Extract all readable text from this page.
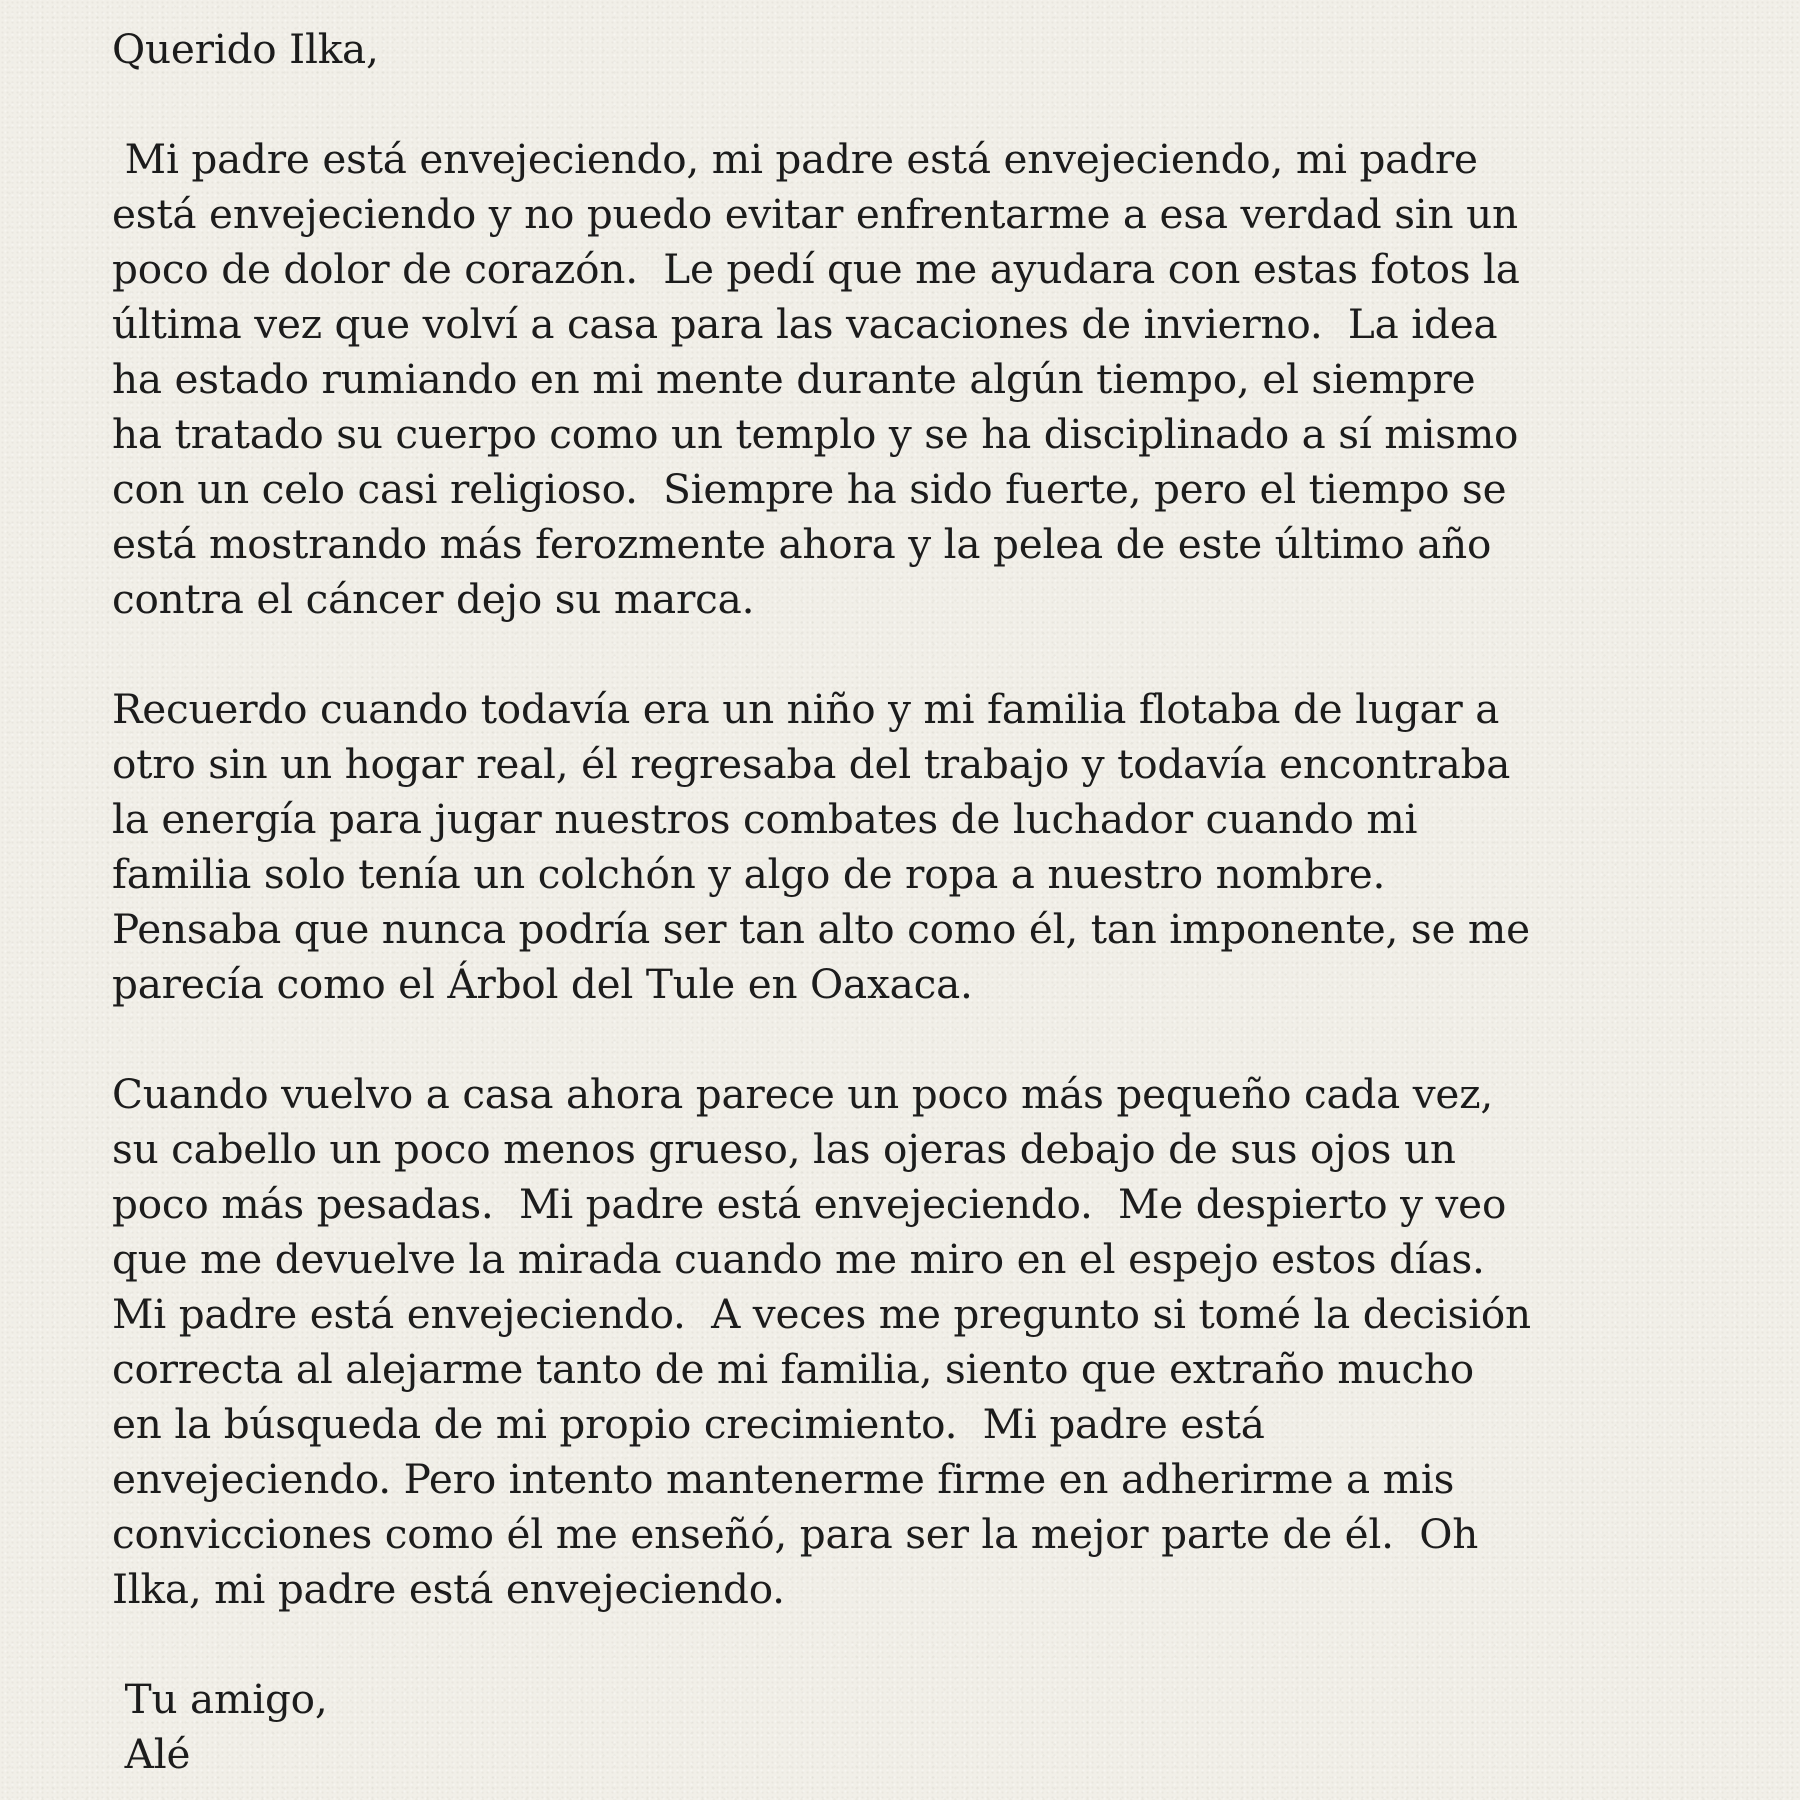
Querido Ilka,
Mi padre está envejeciendo, mi padre está envejeciendo, mi padre
está envejeciendo y no puedo evitar enfrentarme a esa verdad sin un
poco de dolor de corazón.  Le pedí que me ayudara con estas fotos la
última vez que volví a casa para las vacaciones de invierno.  La idea
ha estado rumiando en mi mente durante algún tiempo, el siempre
ha tratado su cuerpo como un templo y se ha disciplinado a sí mismo
con un celo casi religioso.  Siempre ha sido fuerte, pero el tiempo se
está mostrando más ferozmente ahora y la pelea de este último año
contra el cáncer dejo su marca.
Recuerdo cuando todavía era un niño y mi familia flotaba de lugar a
otro sin un hogar real, él regresaba del trabajo y todavía encontraba
la energía para jugar nuestros combates de luchador cuando mi
familia solo tenía un colchón y algo de ropa a nuestro nombre.
Pensaba que nunca podría ser tan alto como él, tan imponente, se me
parecía como el Árbol del Tule en Oaxaca.
Cuando vuelvo a casa ahora parece un poco más pequeño cada vez,
su cabello un poco menos grueso, las ojeras debajo de sus ojos un
poco más pesadas.  Mi padre está envejeciendo.  Me despierto y veo
que me devuelve la mirada cuando me miro en el espejo estos días.
Mi padre está envejeciendo.  A veces me pregunto si tomé la decisión
correcta al alejarme tanto de mi familia, siento que extraño mucho
en la búsqueda de mi propio crecimiento.  Mi padre está
envejeciendo. Pero intento mantenerme firme en adherirme a mis
convicciones como él me enseñó, para ser la mejor parte de él.  Oh
Ilka, mi padre está envejeciendo.
Tu amigo,
Alé
